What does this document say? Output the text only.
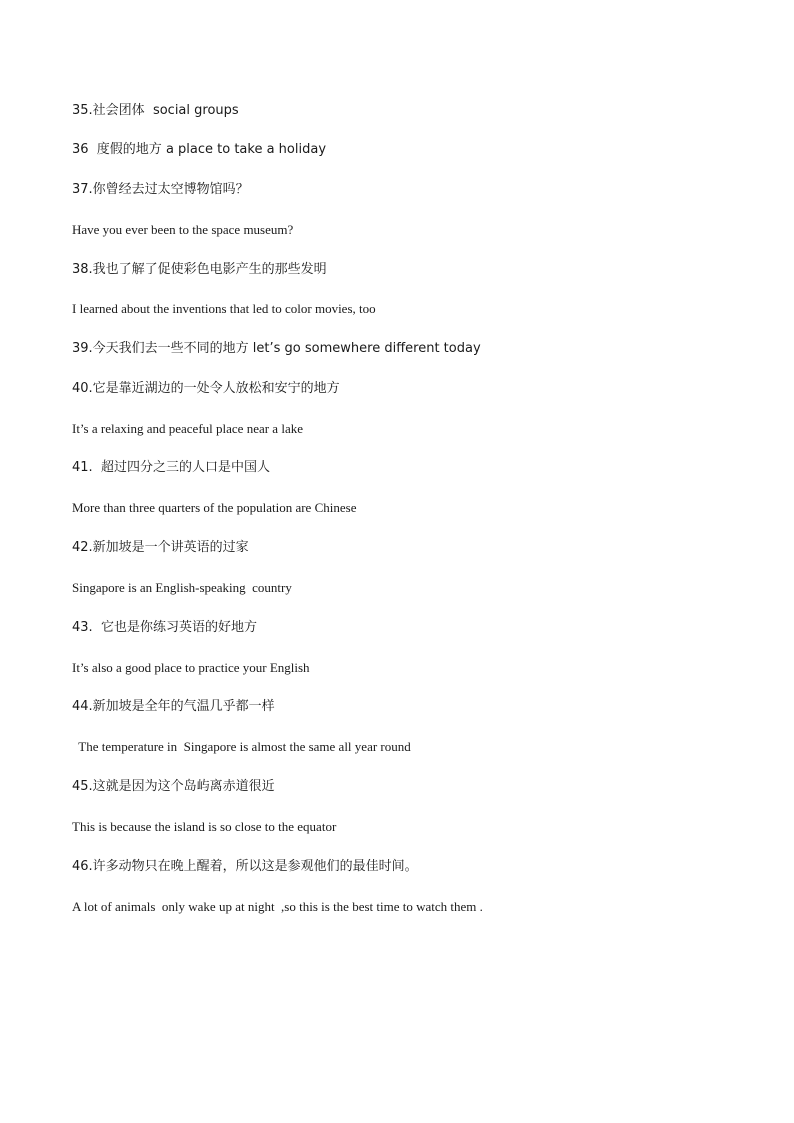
35.社会团体  social groups

36  度假的地方 a place to take a holiday

37.你曾经去过太空博物馆吗？

Have you ever been to the space museum?

38.我也了解了促使彩色电影产生的那些发明

I learned about the inventions that led to color movies, too

39.今天我们去一些不同的地方 let’s go somewhere different today

40.它是靠近湖边的一处令人放松和安宁的地方

It’s a relaxing and peaceful place near a lake

41.  超过四分之三的人口是中国人

More than three quarters of the population are Chinese

42.新加坡是一个讲英语的过家

Singapore is an English-speaking  country

43.  它也是你练习英语的好地方

It’s also a good place to practice your English

44.新加坡是全年的气温几乎都一样

The temperature in  Singapore is almost the same all year round

45.这就是因为这个岛屿离赤道很近

This is because the island is so close to the equator

46.许多动物只在晚上醒着，所以这是参观他们的最佳时间。

A lot of animals  only wake up at night  ,so this is the best time to watch them .
